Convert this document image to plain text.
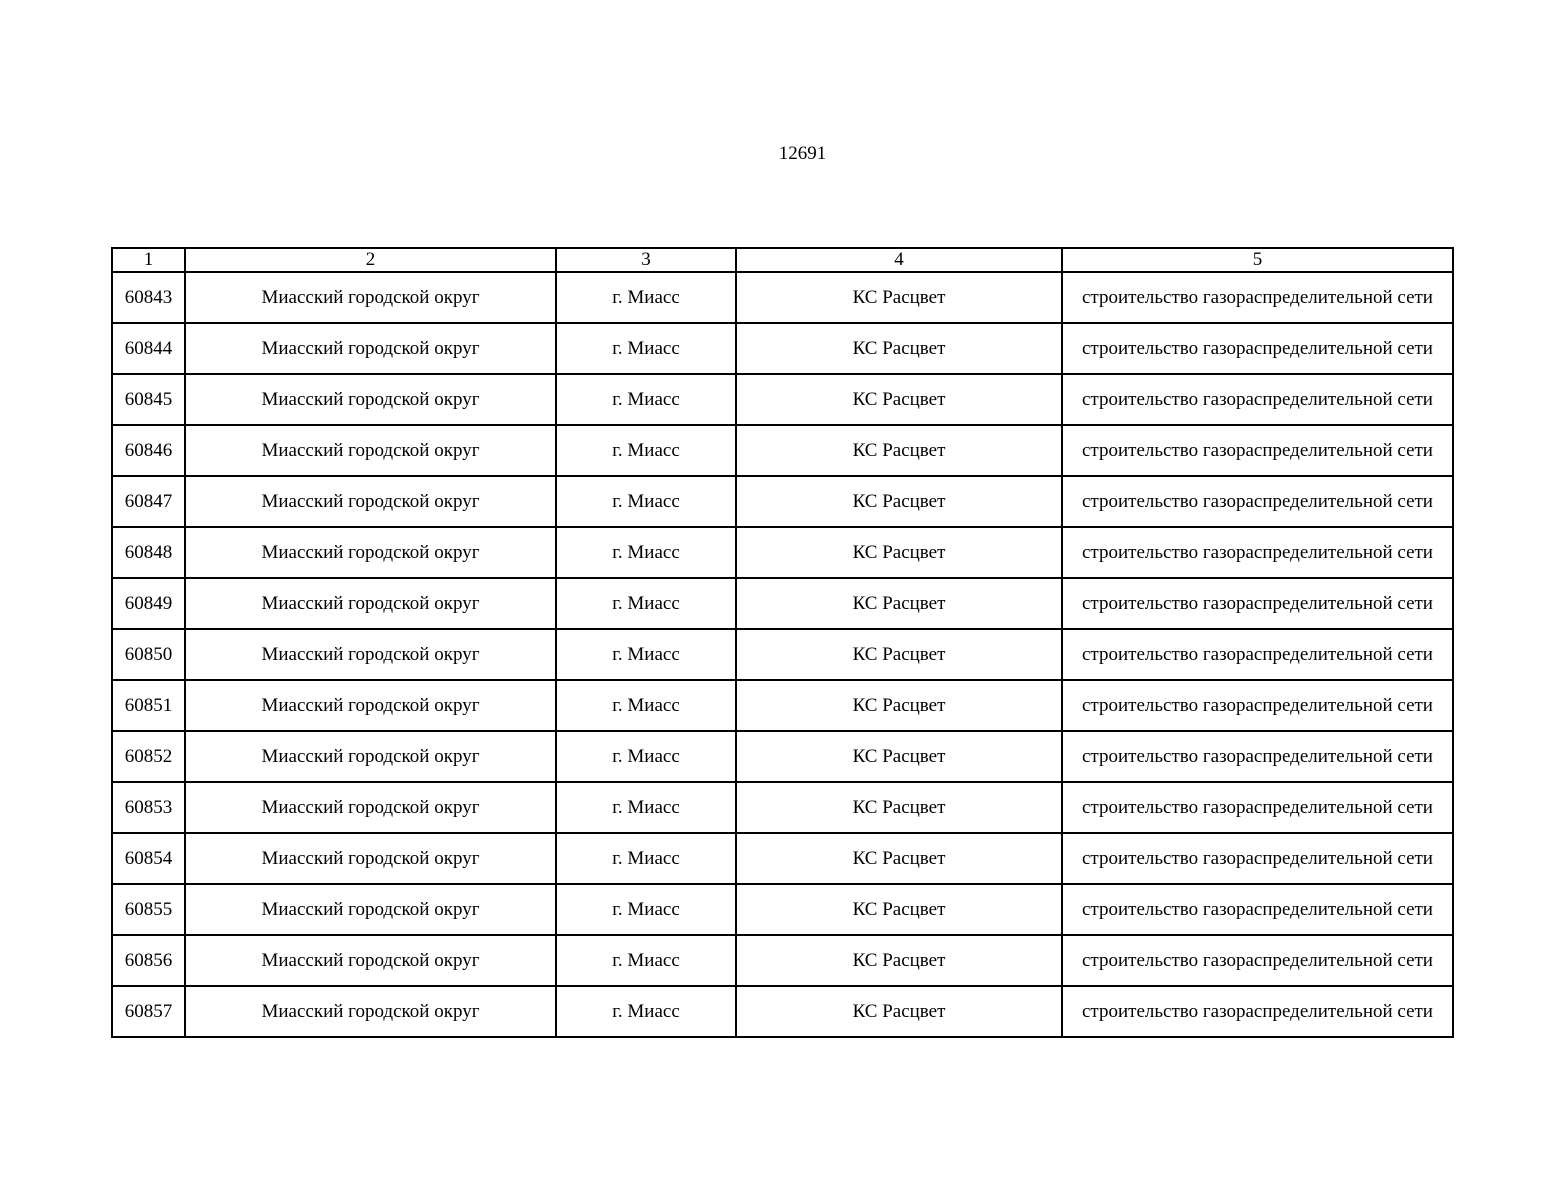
12691
1	2	3	4	5
60843	Миасский городской округ	г. Миасс	КС Расцвет	строительство газораспределительной сети
60844	Миасский городской округ	г. Миасс	КС Расцвет	строительство газораспределительной сети
60845	Миасский городской округ	г. Миасс	КС Расцвет	строительство газораспределительной сети
60846	Миасский городской округ	г. Миасс	КС Расцвет	строительство газораспределительной сети
60847	Миасский городской округ	г. Миасс	КС Расцвет	строительство газораспределительной сети
60848	Миасский городской округ	г. Миасс	КС Расцвет	строительство газораспределительной сети
60849	Миасский городской округ	г. Миасс	КС Расцвет	строительство газораспределительной сети
60850	Миасский городской округ	г. Миасс	КС Расцвет	строительство газораспределительной сети
60851	Миасский городской округ	г. Миасс	КС Расцвет	строительство газораспределительной сети
60852	Миасский городской округ	г. Миасс	КС Расцвет	строительство газораспределительной сети
60853	Миасский городской округ	г. Миасс	КС Расцвет	строительство газораспределительной сети
60854	Миасский городской округ	г. Миасс	КС Расцвет	строительство газораспределительной сети
60855	Миасский городской округ	г. Миасс	КС Расцвет	строительство газораспределительной сети
60856	Миасский городской округ	г. Миасс	КС Расцвет	строительство газораспределительной сети
60857	Миасский городской округ	г. Миасс	КС Расцвет	строительство газораспределительной сети
